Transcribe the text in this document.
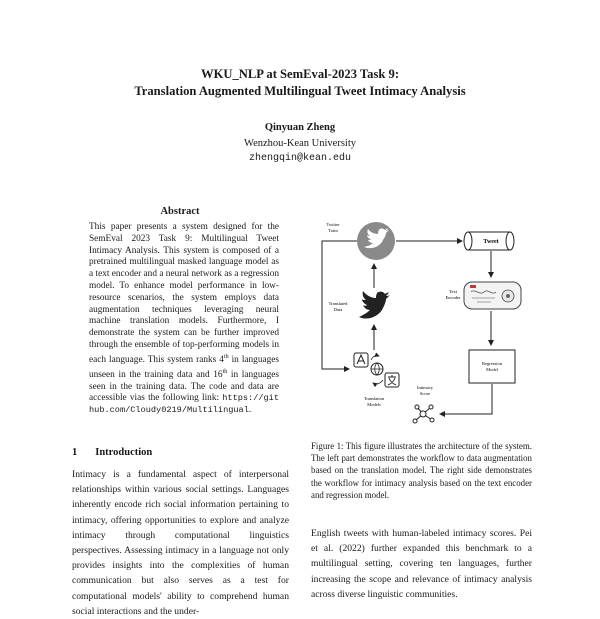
WKU_NLP at SemEval-2023 Task 9:
Translation Augmented Multilingual Tweet Intimacy Analysis
Qinyuan Zheng
Wenzhou-Kean University
zhengqin@kean.edu
Abstract
This paper presents a system designed for the SemEval 2023 Task 9: Multilingual Tweet Intimacy Analysis. This system is composed of a pretrained multilingual masked language model as a text encoder and a neural network as a regression model. To enhance model performance in low-resource scenarios, the system employs data augmentation techniques leveraging neural machine translation models. Furthermore, I demonstrate the system can be further improved through the ensemble of top-performing models in each language. This system ranks 4th in languages unseen in the training data and 16th in languages seen in the training data. The code and data are accessible vias the following link: https://github.com/Cloudy0219/Multilingual.
1 Introduction
Intimacy is a fundamental aspect of interpersonal relationships within various social settings. Languages inherently encode rich social information pertaining to intimacy, offering opportunities to explore and analyze intimacy through computational linguistics perspectives. Assessing intimacy in a language not only provides insights into the complexities of human communication but also serves as a test for computational models' ability to comprehend human social interactions and the under-
Twitter
Train
Translated
Data
Translation
Models
Tweet
Text
Encoder
Regression
Model
Intimacy
Score
Figure 1: This figure illustrates the architecture of the system. The left part demonstrates the workflow to data augmentation based on the translation model. The right side demonstrates the workflow for intimacy analysis based on the text encoder and regression model.
English tweets with human-labeled intimacy scores. Pei et al. (2022) further expanded this benchmark to a multilingual setting, covering ten languages, further increasing the scope and relevance of intimacy analysis across diverse linguistic communities.
